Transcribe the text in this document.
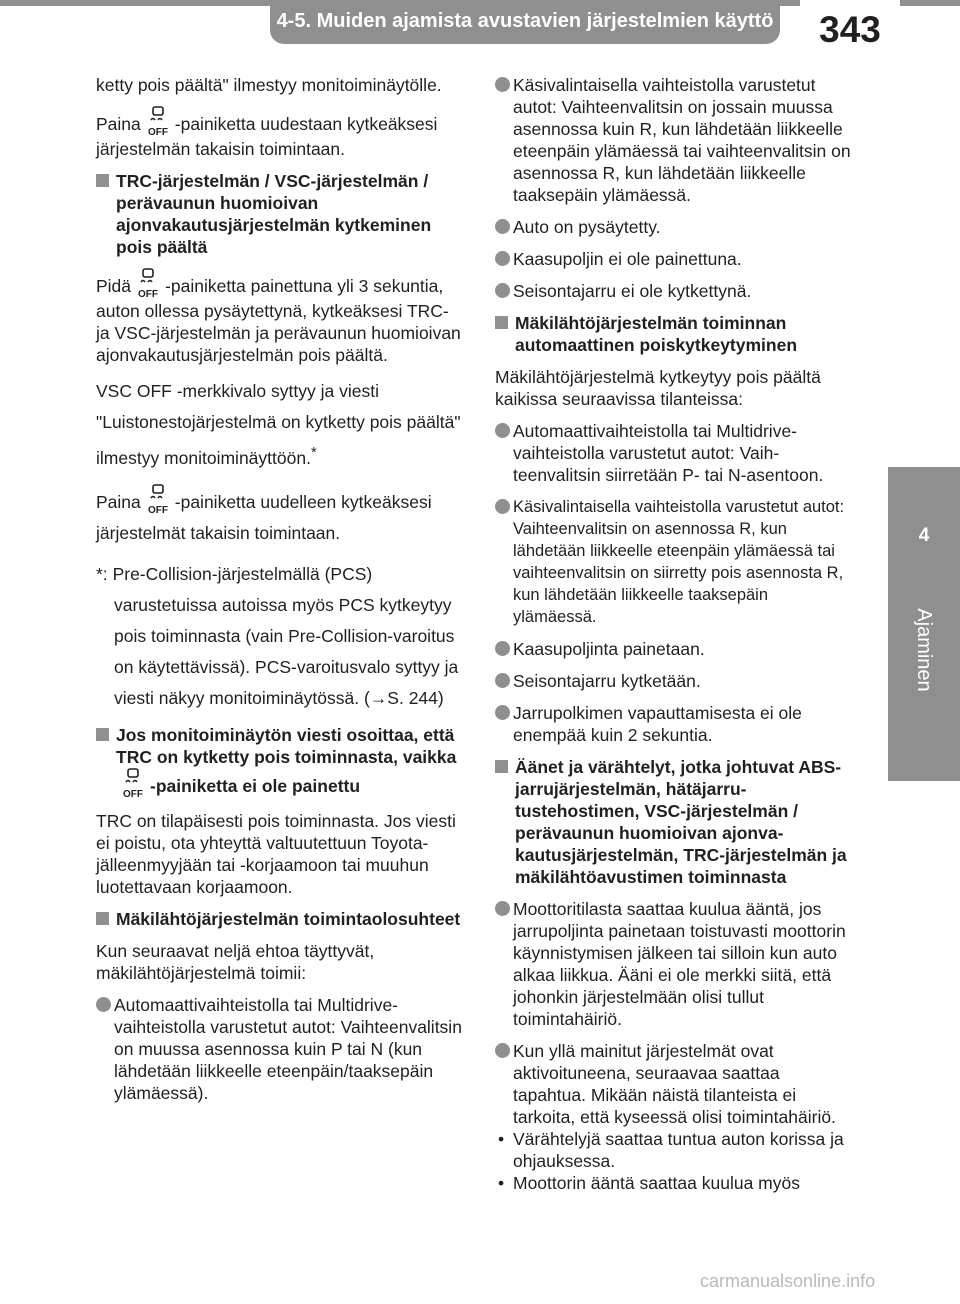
4-5. Muiden ajamista avustavien järjestelmien käyttö	343
4
Ajaminen

ketty pois päältä" ilmestyy monitoiminäytölle.

Paina OFF -painiketta uudestaan kytkeäksesi järjestelmän takaisin toimintaan.

TRC-järjestelmän / VSC-järjestelmän / perävaunun huomioivan ajonvakautusjärjestelmän kytkeminen pois päältä

Pidä OFF -painiketta painettuna yli 3 sekuntia, auton ollessa pysäytettynä, kytkeäksesi TRC- ja VSC-järjestelmän ja perävaunun huomioivan ajonvakautusjärjestelmän pois päältä.

VSC OFF -merkkivalo syttyy ja viesti "Luistonestojärjestelmä on kytketty pois päältä" ilmestyy monitoiminäyttöön.*

Paina OFF -painiketta uudelleen kytkeäksesi järjestelmät takaisin toimintaan.

*: Pre-Collision-järjestelmällä (PCS) varustetuissa autoissa myös PCS kytkeytyy pois toiminnasta (vain Pre-Collision-varoitus on käytettävissä). PCS-varoitusvalo syttyy ja viesti näkyy monitoiminäytössä. (→S. 244)

Jos monitoiminäytön viesti osoittaa, että TRC on kytketty pois toiminnasta, vaikka
OFF -painiketta ei ole painettu

TRC on tilapäisesti pois toiminnasta. Jos viesti ei poistu, ota yhteyttä valtuutettuun Toyota-jälleenmyyjään tai -korjaamoon tai muuhun luotettavaan korjaamoon.

Mäkilähtöjärjestelmän toimintaolosuhteet

Kun seuraavat neljä ehtoa täyttyvät, mäkilähtöjärjestelmä toimii:

Automaattivaihteistolla tai Multidrive-vaihteistolla varustetut autot: Vaihteenvalitsin on muussa asennossa kuin P tai N (kun lähdetään liikkeelle eteenpäin/taaksepäin ylämäessä).
Käsivalintaisella vaihteistolla varustetut autot: Vaihteenvalitsin on jossain muussa asennossa kuin R, kun lähdetään liikkeelle eteenpäin ylämäessä tai vaihteenvalitsin on asennossa R, kun lähdetään liikkeelle taaksepäin ylämäessä.
Auto on pysäytetty.
Kaasupoljin ei ole painettuna.
Seisontajarru ei ole kytkettynä.
Mäkilähtöjärjestelmän toiminnan automaattinen poiskytkeytyminen

Mäkilähtöjärjestelmä kytkeytyy pois päältä kaikissa seuraavissa tilanteissa:

Automaattivaihteistolla tai Multidrive-vaihteistolla varustetut autot: Vaihteenvalitsin siirretään P- tai N-asentoon.
Käsivalintaisella vaihteistolla varustetut autot: Vaihteenvalitsin on asennossa R, kun lähdetään liikkeelle eteenpäin ylämäessä tai vaihteenvalitsin on siirretty pois asennosta R, kun lähdetään liikkeelle taaksepäin ylämäessä.
Kaasupoljinta painetaan.
Seisontajarru kytketään.
Jarrupolkimen vapauttamisesta ei ole enempää kuin 2 sekuntia.
Äänet ja värähtelyt, jotka johtuvat ABS-jarrujärjestelmän, hätäjarrutustehostimen, VSC-järjestelmän / perävaunun huomioivan ajonvakautusjärjestelmän, TRC-järjestelmän ja mäkilähtöavustimen toiminnasta
Moottoritilasta saattaa kuulua ääntä, jos jarrupoljinta painetaan toistuvasti moottorin käynnistymisen jälkeen tai silloin kun auto alkaa liikkua. Ääni ei ole merkki siitä, että johonkin järjestelmään olisi tullut toimintahäiriö.
Kun yllä mainitut järjestelmät ovat aktivoituneena, seuraavaa saattaa tapahtua. Mikään näistä tilanteista ei tarkoita, että kyseessä olisi toimintahäiriö.
• Värähtelyjä saattaa tuntua auton korissa ja ohjauksessa.
• Moottorin ääntä saattaa kuulua myös
carmanualsonline.info
